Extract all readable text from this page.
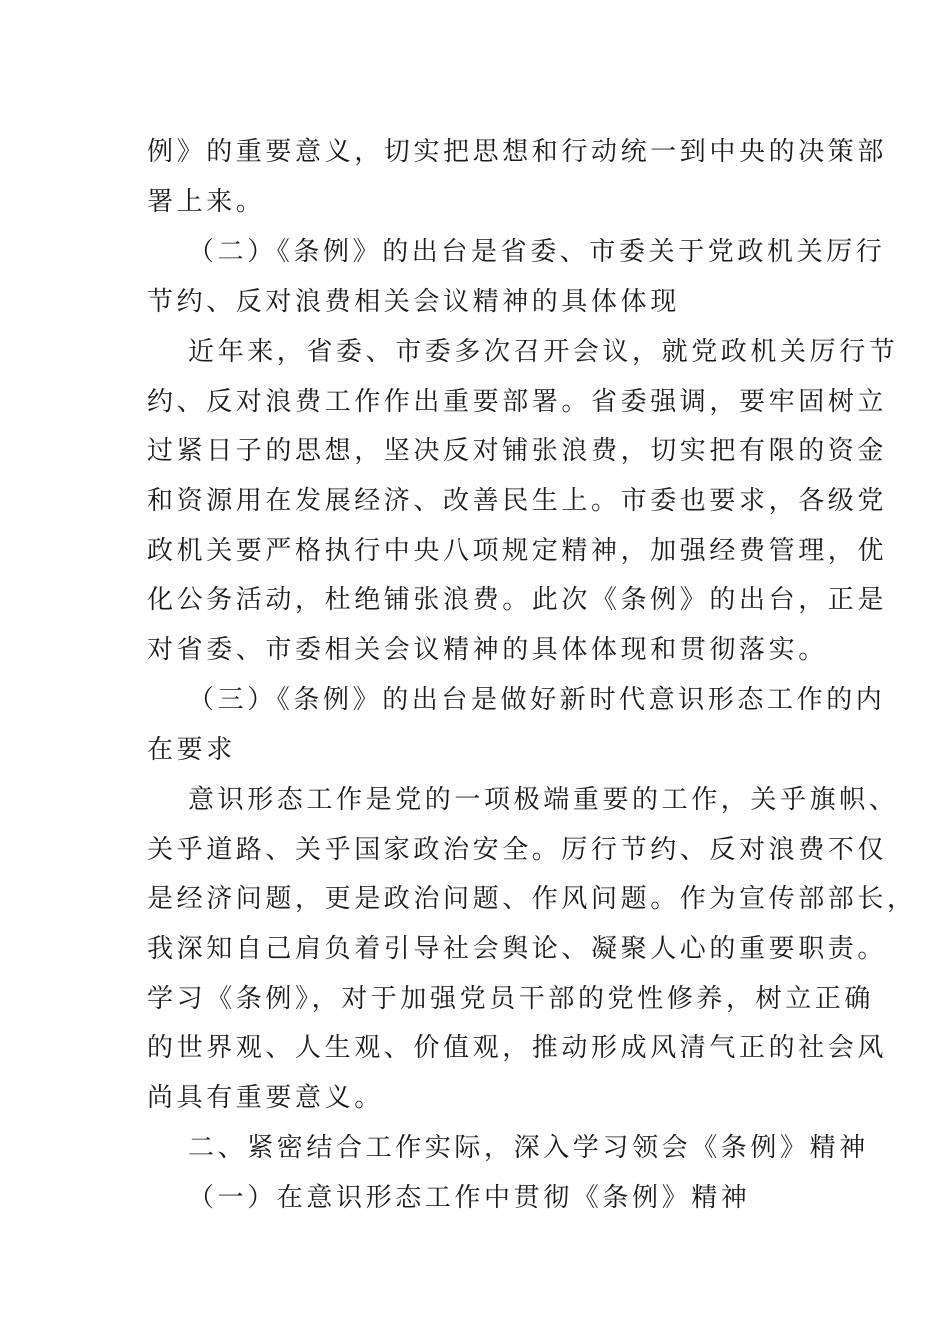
例》的重要意义，切实把思想和行动统一到中央的决策部
署上来。
（二）《条例》的出台是省委、市委关于党政机关厉行
节约、反对浪费相关会议精神的具体体现
近年来，省委、市委多次召开会议，就党政机关厉行节
约、反对浪费工作作出重要部署。省委强调，要牢固树立
过紧日子的思想，坚决反对铺张浪费，切实把有限的资金
和资源用在发展经济、改善民生上。市委也要求，各级党
政机关要严格执行中央八项规定精神，加强经费管理，优
化公务活动，杜绝铺张浪费。此次《条例》的出台，正是
对省委、市委相关会议精神的具体体现和贯彻落实。
（三）《条例》的出台是做好新时代意识形态工作的内
在要求
意识形态工作是党的一项极端重要的工作，关乎旗帜、
关乎道路、关乎国家政治安全。厉行节约、反对浪费不仅
是经济问题，更是政治问题、作风问题。作为宣传部部长，
我深知自己肩负着引导社会舆论、凝聚人心的重要职责。
学习《条例》，对于加强党员干部的党性修养，树立正确
的世界观、人生观、价值观，推动形成风清气正的社会风
尚具有重要意义。
二、紧密结合工作实际，深入学习领会《条例》精神
（一）在意识形态工作中贯彻《条例》精神
